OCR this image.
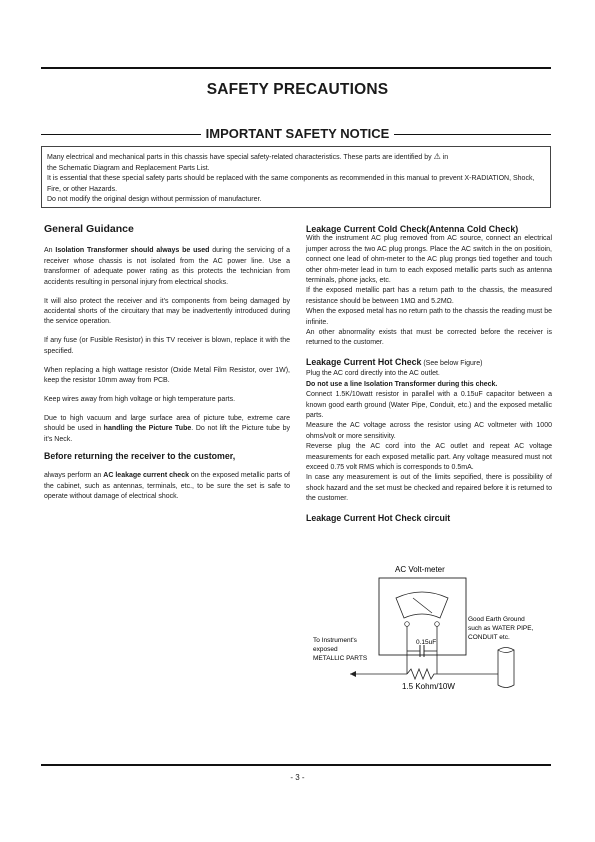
SAFETY PRECAUTIONS
IMPORTANT SAFETY NOTICE

Many electrical and mechanical parts in this chassis have special safety-related characteristics. These parts are identified by ⚠ in

the Schematic Diagram and Replacement Parts List.

It is essential that these special safety parts should be replaced with the same components as recommended in this manual to prevent X-RADIATION, Shock, Fire, or other Hazards.

Do not modify the original design without permission of manufacturer.

General Guidance

An Isolation Transformer should always be used during the servicing of a receiver whose chassis is not isolated from the AC power line. Use a transformer of adequate power rating as this protects the technician from accidents resulting in personal injury from electrical shocks.

It will also protect the receiver and it's components from being damaged by accidental shorts of the circuitary that may be inadvertently introduced during the service operation.

If any fuse (or Fusible Resistor) in this TV receiver is blown, replace it with the specified.

When replacing a high wattage resistor (Oxide Metal Film Resistor, over 1W), keep the resistor 10mm away from PCB.

Keep wires away from high voltage or high temperature parts.

Due to high vacuum and large surface area of picture tube, extreme care should be used in handling the Picture Tube. Do not lift the Picture tube by it's Neck.

Before returning the receiver to the customer,

always perform an AC leakage current check on the exposed metallic parts of the cabinet, such as antennas, terminals, etc., to be sure the set is safe to operate without damage of electrical shock.

Leakage Current Cold Check(Antenna Cold Check)

With the instrument AC plug removed from AC source, connect an electrical jumper across the two AC plug prongs. Place the AC switch in the on positioin, connect one lead of ohm-meter to the AC plug prongs tied together and touch other ohm-meter lead in turn to each exposed metallic parts such as antenna terminals, phone jacks, etc.

If the exposed metallic part has a return path to the chassis, the measured resistance should be between 1MΩ and 5.2MΩ.

When the exposed metal has no return path to the chassis the reading must be infinite.

An other abnormality exists that must be corrected before the receiver is returned to the customer.

Leakage Current Hot Check (See below Figure)

Plug the AC cord directly into the AC outlet.

Do not use a line Isolation Transformer during this check.

Connect 1.5K/10watt resistor in parallel with a 0.15uF capacitor between a known good earth ground (Water Pipe, Conduit, etc.) and the exposed metallic parts.

Measure the AC voltage across the resistor using AC voltmeter with 1000 ohms/volt or more sensitivity.

Reverse plug the AC cord into the AC outlet and repeat AC voltage measurements for each exposed metallic part. Any voltage measured must not exceed 0.75 volt RMS which is corresponds to 0.5mA.

In case any measurement is out of the limits sepcified, there is possibility of shock hazard and the set must be checked and repaired before it is returned to the customer.

Leakage Current Hot Check circuit
AC Volt-meter
0.15uF
1.5 Kohm/10W
To Instrument's
exposed
METALLIC PARTS
Good Earth Ground
such as WATER PIPE,
CONDUIT etc.
- 3 -
